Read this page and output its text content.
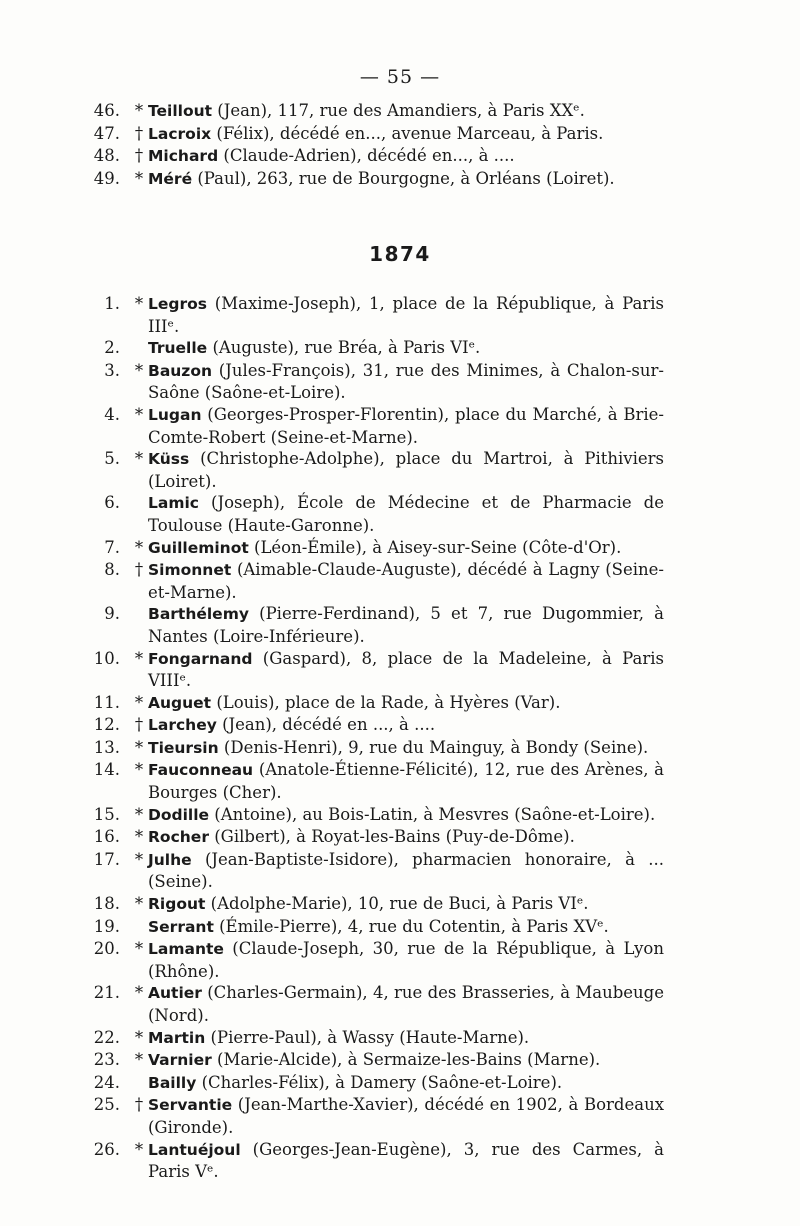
— 55 —
46. * Teillout (Jean), 117, rue des Amandiers, à Paris XXᵉ.
47. † Lacroix (Félix), décédé en..., avenue Marceau, à Paris.
48. † Michard (Claude-Adrien), décédé en..., à ....
49. * Méré (Paul), 263, rue de Bourgogne, à Orléans (Loiret).
1874
1. * Legros (Maxime-Joseph), 1, place de la République, à Paris IIIᵉ.
2. Truelle (Auguste), rue Bréa, à Paris VIᵉ.
3. * Bauzon (Jules-François), 31, rue des Minimes, à Chalon-sur-Saône (Saône-et-Loire).
4. * Lugan (Georges-Prosper-Florentin), place du Marché, à Brie-Comte-Robert (Seine-et-Marne).
5. * Küss (Christophe-Adolphe), place du Martroi, à Pithiviers (Loiret).
6. Lamic (Joseph), École de Médecine et de Pharmacie de Toulouse (Haute-Garonne).
7. * Guilleminot (Léon-Émile), à Aisey-sur-Seine (Côte-d'Or).
8. † Simonnet (Aimable-Claude-Auguste), décédé à Lagny (Seine-et-Marne).
9. Barthélemy (Pierre-Ferdinand), 5 et 7, rue Dugommier, à Nantes (Loire-Inférieure).
10. * Fongarnand (Gaspard), 8, place de la Madeleine, à Paris VIIIᵉ.
11. * Auguet (Louis), place de la Rade, à Hyères (Var).
12. † Larchey (Jean), décédé en ..., à ....
13. * Tieursin (Denis-Henri), 9, rue du Mainguy, à Bondy (Seine).
14. * Fauconneau (Anatole-Étienne-Félicité), 12, rue des Arènes, à Bourges (Cher).
15. * Dodille (Antoine), au Bois-Latin, à Mesvres (Saône-et-Loire).
16. * Rocher (Gilbert), à Royat-les-Bains (Puy-de-Dôme).
17. * Julhe (Jean-Baptiste-Isidore), pharmacien honoraire, à ... (Seine).
18. * Rigout (Adolphe-Marie), 10, rue de Buci, à Paris VIᵉ.
19. Serrant (Émile-Pierre), 4, rue du Cotentin, à Paris XVᵉ.
20. * Lamante (Claude-Joseph, 30, rue de la République, à Lyon (Rhône).
21. * Autier (Charles-Germain), 4, rue des Brasseries, à Maubeuge (Nord).
22. * Martin (Pierre-Paul), à Wassy (Haute-Marne).
23. * Varnier (Marie-Alcide), à Sermaize-les-Bains (Marne).
24. Bailly (Charles-Félix), à Damery (Saône-et-Loire).
25. † Servantie (Jean-Marthe-Xavier), décédé en 1902, à Bordeaux (Gironde).
26. * Lantuéjoul (Georges-Jean-Eugène), 3, rue des Carmes, à Paris Vᵉ.
